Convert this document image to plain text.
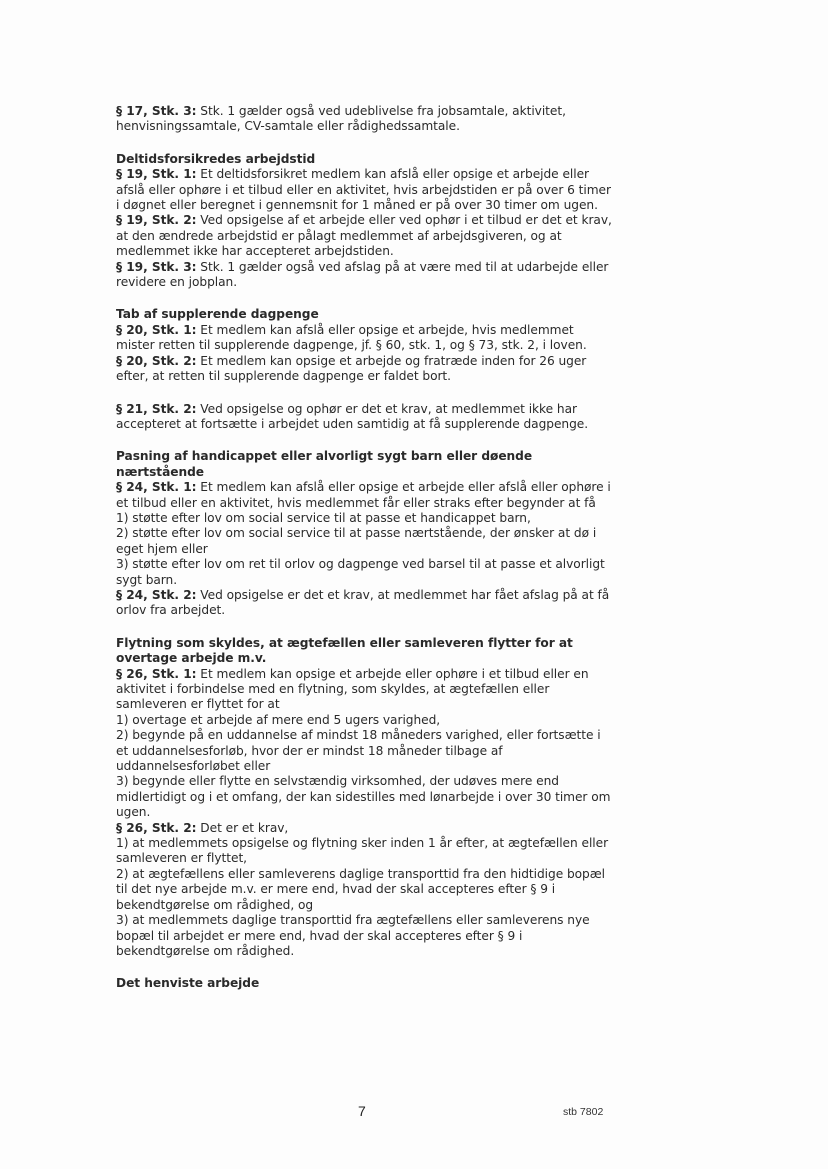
§ 17, Stk. 3: Stk. 1 gælder også ved udeblivelse fra jobsamtale, aktivitet, henvisningssamtale, CV-samtale eller rådighedssamtale.
Deltidsforsikredes arbejdstid
§ 19, Stk. 1: Et deltidsforsikret medlem kan afslå eller opsige et arbejde eller afslå eller ophøre i et tilbud eller en aktivitet, hvis arbejdstiden er på over 6 timer i døgnet eller beregnet i gennemsnit for 1 måned er på over 30 timer om ugen.
§ 19, Stk. 2: Ved opsigelse af et arbejde eller ved ophør i et tilbud er det et krav, at den ændrede arbejdstid er pålagt medlemmet af arbejdsgiveren, og at medlemmet ikke har accepteret arbejdstiden.
§ 19, Stk. 3: Stk. 1 gælder også ved afslag på at være med til at udarbejde eller revidere en jobplan.
Tab af supplerende dagpenge
§ 20, Stk. 1: Et medlem kan afslå eller opsige et arbejde, hvis medlemmet mister retten til supplerende dagpenge, jf. § 60, stk. 1, og § 73, stk. 2, i loven.
§ 20, Stk. 2: Et medlem kan opsige et arbejde og fratræde inden for 26 uger efter, at retten til supplerende dagpenge er faldet bort.
§ 21, Stk. 2: Ved opsigelse og ophør er det et krav, at medlemmet ikke har accepteret at fortsætte i arbejdet uden samtidig at få supplerende dagpenge.
Pasning af handicappet eller alvorligt sygt barn eller døende nærtstående
§ 24, Stk. 1: Et medlem kan afslå eller opsige et arbejde eller afslå eller ophøre i et tilbud eller en aktivitet, hvis medlemmet får eller straks efter begynder at få
1) støtte efter lov om social service til at passe et handicappet barn,
2) støtte efter lov om social service til at passe nærtstående, der ønsker at dø i eget hjem eller
3) støtte efter lov om ret til orlov og dagpenge ved barsel til at passe et alvorligt sygt barn.
§ 24, Stk. 2: Ved opsigelse er det et krav, at medlemmet har fået afslag på at få orlov fra arbejdet.
Flytning som skyldes, at ægtefællen eller samleveren flytter for at overtage arbejde m.v.
§ 26, Stk. 1: Et medlem kan opsige et arbejde eller ophøre i et tilbud eller en aktivitet i forbindelse med en flytning, som skyldes, at ægtefællen eller samleveren er flyttet for at
1) overtage et arbejde af mere end 5 ugers varighed,
2) begynde på en uddannelse af mindst 18 måneders varighed, eller fortsætte i et uddannelsesforløb, hvor der er mindst 18 måneder tilbage af uddannelsesforløbet eller
3) begynde eller flytte en selvstændig virksomhed, der udøves mere end midlertidigt og i et omfang, der kan sidestilles med lønarbejde i over 30 timer om ugen.
§ 26, Stk. 2: Det er et krav,
1) at medlemmets opsigelse og flytning sker inden 1 år efter, at ægtefællen eller samleveren er flyttet,
2) at ægtefællens eller samleverens daglige transporttid fra den hidtidige bopæl til det nye arbejde m.v. er mere end, hvad der skal accepteres efter § 9 i bekendtgørelse om rådighed, og
3) at medlemmets daglige transporttid fra ægtefællens eller samleverens nye bopæl til arbejdet er mere end, hvad der skal accepteres efter § 9 i bekendtgørelse om rådighed.
Det henviste arbejde
7	stb 7802
